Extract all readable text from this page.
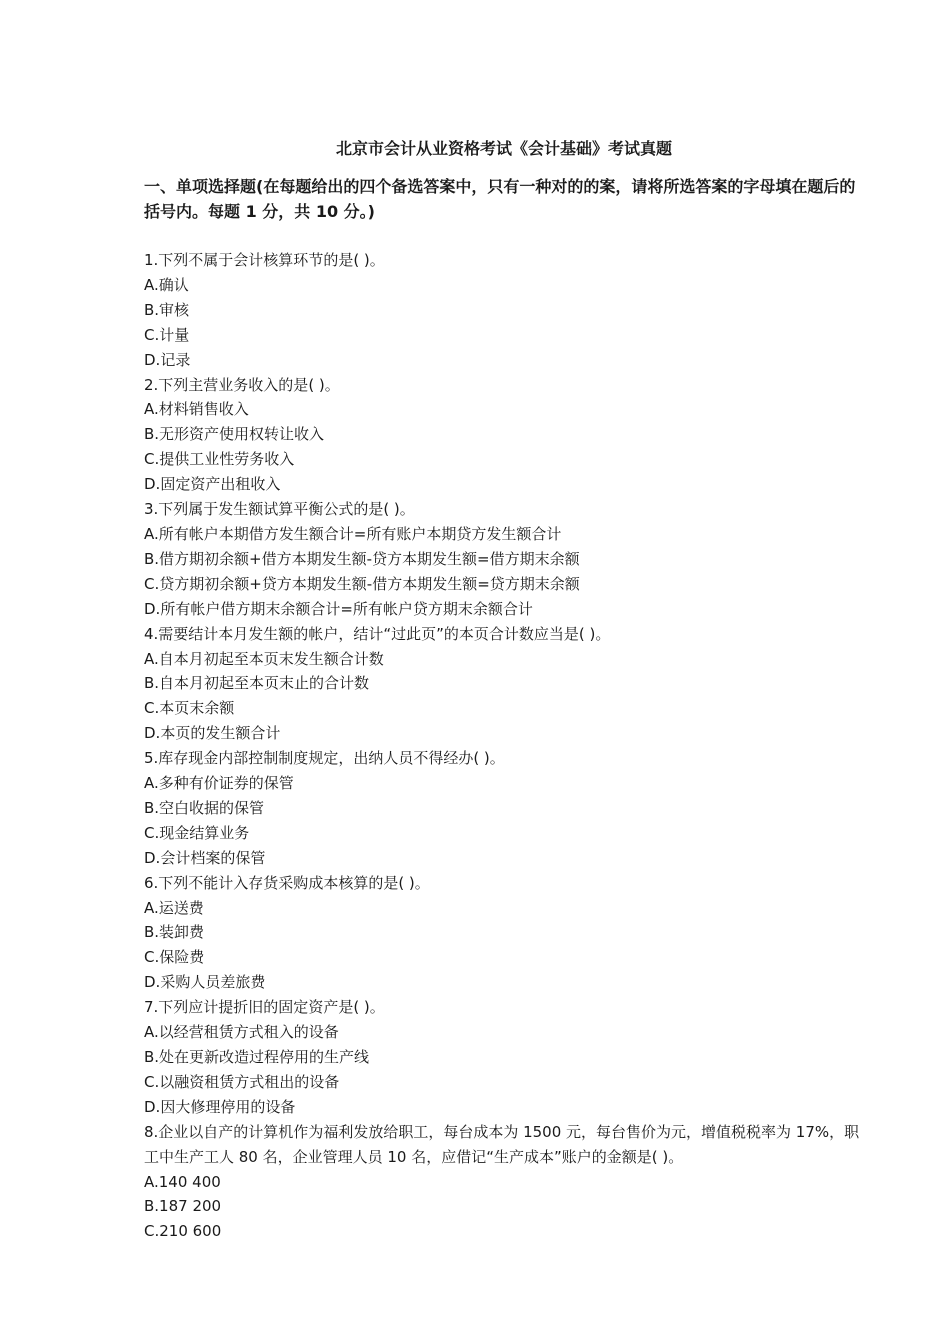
北京市会计从业资格考试《会计基础》考试真题
一、单项选择题(在每题给出的四个备选答案中，只有一种对的的案，请将所选答案的字母填在题后的括号内。每题 1 分，共 10 分。)
1.下列不属于会计核算环节的是( )。
A.确认
B.审核
C.计量
D.记录
2.下列主营业务收入的是( )。
A.材料销售收入
B.无形资产使用权转让收入
C.提供工业性劳务收入
D.固定资产出租收入
3.下列属于发生额试算平衡公式的是( )。
A.所有帐户本期借方发生额合计=所有账户本期贷方发生额合计
B.借方期初余额+借方本期发生额-贷方本期发生额=借方期末余额
C.贷方期初余额+贷方本期发生额-借方本期发生额=贷方期末余额
D.所有帐户借方期末余额合计=所有帐户贷方期末余额合计
4.需要结计本月发生额的帐户，结计“过此页”的本页合计数应当是( )。
A.自本月初起至本页末发生额合计数
B.自本月初起至本页末止的合计数
C.本页末余额
D.本页的发生额合计
5.库存现金内部控制制度规定，出纳人员不得经办( )。
A.多种有价证券的保管
B.空白收据的保管
C.现金结算业务
D.会计档案的保管
6.下列不能计入存货采购成本核算的是( )。
A.运送费
B.装卸费
C.保险费
D.采购人员差旅费
7.下列应计提折旧的固定资产是( )。
A.以经营租赁方式租入的设备
B.处在更新改造过程停用的生产线
C.以融资租赁方式租出的设备
D.因大修理停用的设备
8.企业以自产的计算机作为福利发放给职工，每台成本为 1500 元，每台售价为元，增值税税率为 17%，职工中生产工人 80 名，企业管理人员 10 名，应借记“生产成本”账户的金额是( )。
A.140 400
B.187 200
C.210 600
